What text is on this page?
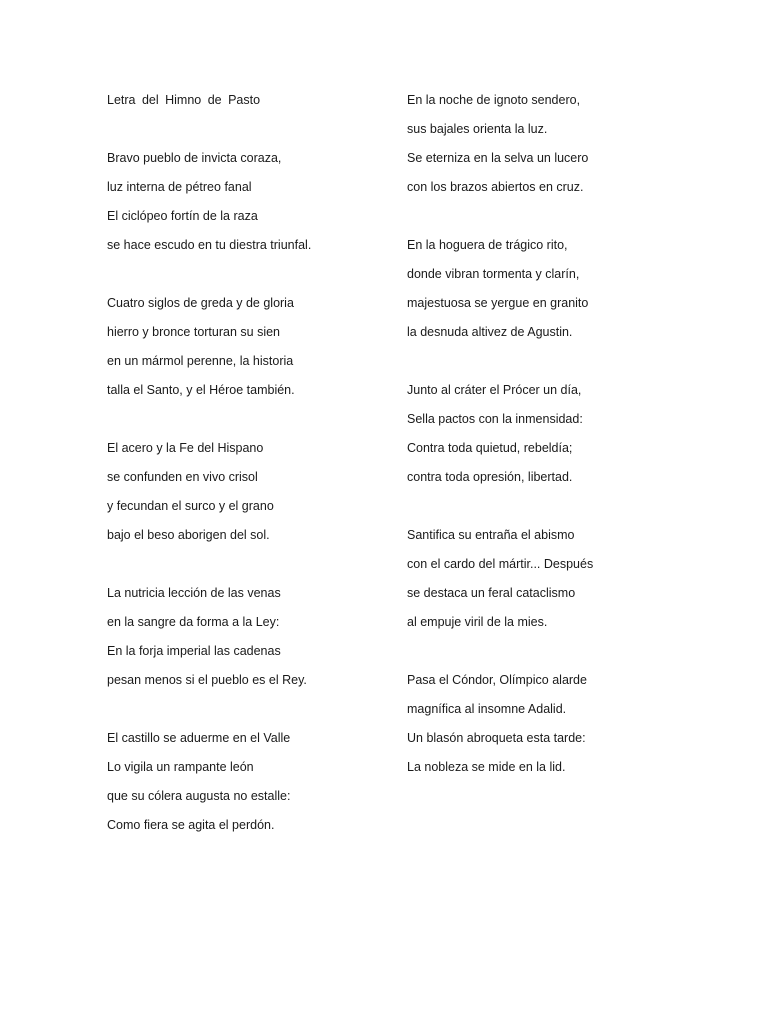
Letra del Himno de Pasto
Bravo pueblo de invicta coraza,
luz interna de pétreo fanal
El ciclópeo fortín de la raza
se hace escudo en tu diestra triunfal.
Cuatro siglos de greda y de gloria
hierro y bronce torturan su sien
en un mármol perenne, la historia
talla el Santo, y el Héroe también.
El acero y la Fe del Hispano
se confunden en vivo crisol
y fecundan el surco y el grano
bajo el beso aborigen del sol.
La nutricia lección de las venas
en la sangre da forma a la Ley:
En la forja imperial las cadenas
pesan menos si el pueblo es el Rey.
El castillo se aduerme en el Valle
Lo vigila un rampante león
que su cólera augusta no estalle:
Como fiera se agita el perdón.
En la noche de ignoto sendero,
sus bajales orienta la luz.
Se eterniza en la selva un lucero
con los brazos abiertos en cruz.
En la hoguera de trágico rito,
donde vibran tormenta y clarín,
majestuosa se yergue en granito
la desnuda altivez de Agustin.
Junto al cráter el Prócer un día,
Sella pactos con la inmensidad:
Contra toda quietud, rebeldía;
contra toda opresión, libertad.
Santifica su entraña el abismo
con el cardo del mártir... Después
se destaca un feral cataclismo
al empuje viril de la mies.
Pasa el Cóndor, Olímpico alarde
magnífica al insomne Adalid.
Un blasón abroqueta esta tarde:
La nobleza se mide en la lid.
